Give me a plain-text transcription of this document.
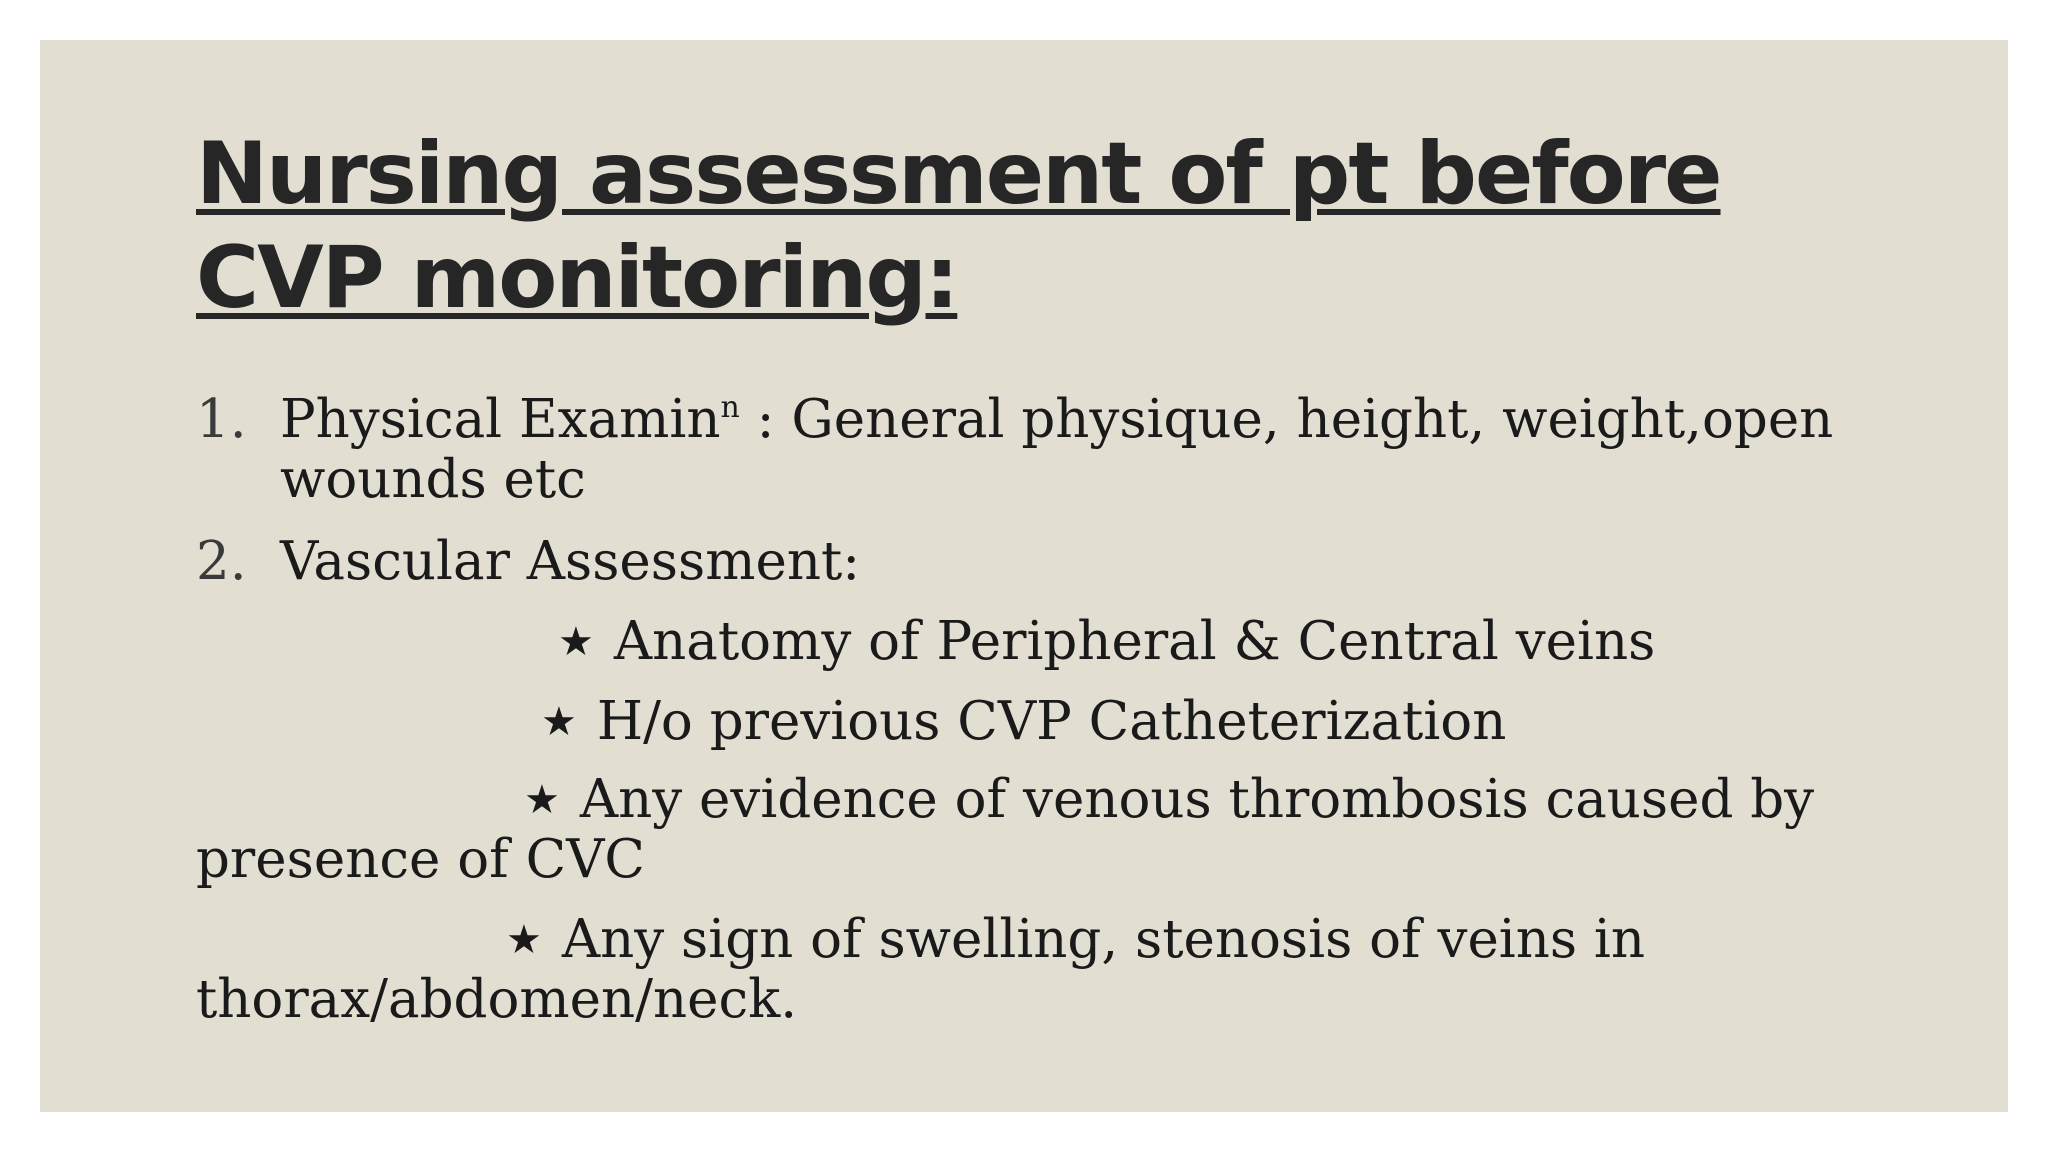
Nursing assessment of pt before CVP monitoring:
1. Physical Examin$^n$ : General physique, height, weight,open wounds etc
2. Vascular Assessment:
★ Anatomy of Peripheral & Central veins
★ H/o previous CVP Catheterization
★ Any evidence of venous thrombosis caused by presence of CVC
★ Any sign of swelling, stenosis of veins in thorax/abdomen/neck.
